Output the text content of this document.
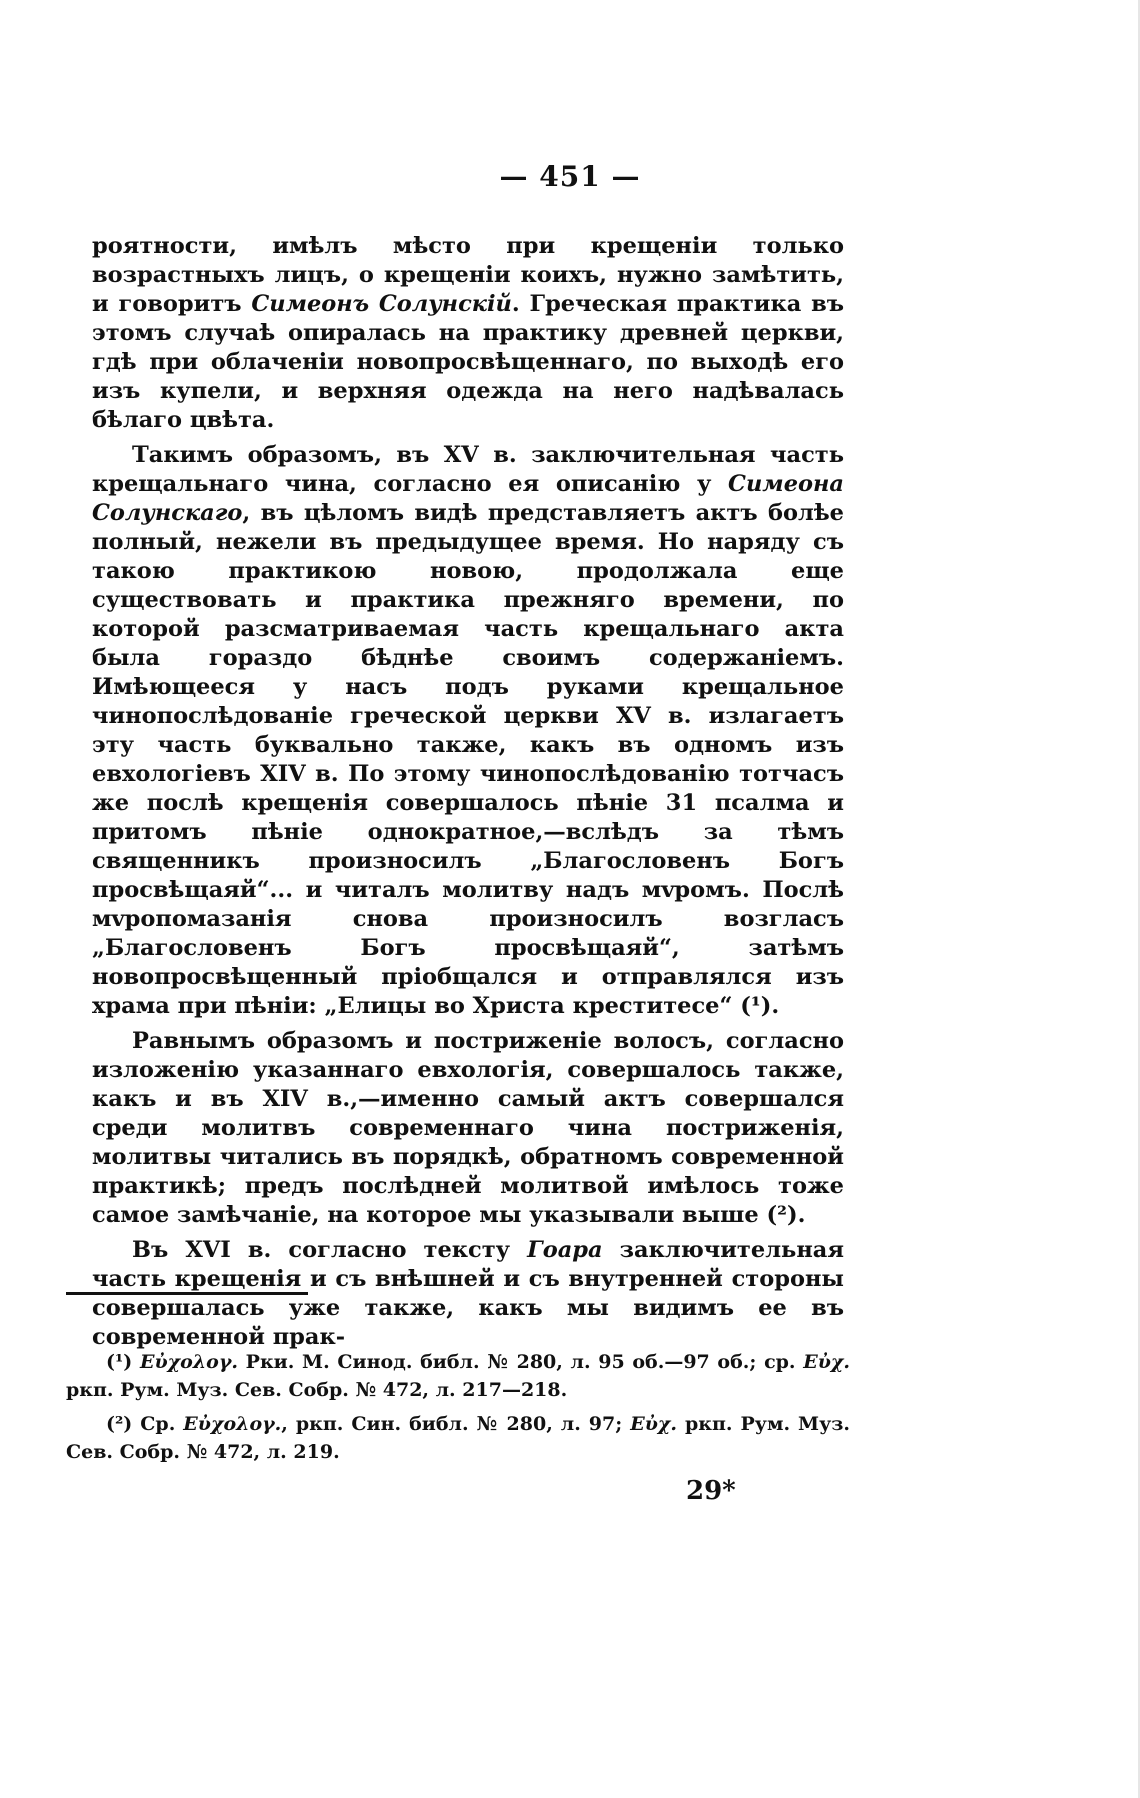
— 451 —

роятности, имѣлъ мѣсто при крещеніи только возрастныхъ лицъ, о крещеніи коихъ, нужно замѣтить, и говоритъ Симеонъ Солунскій. Греческая практика въ этомъ случаѣ опиралась на практику древней церкви, гдѣ при облаченіи новопросвѣщеннаго, по выходѣ его изъ купели, и верхняя одежда на него надѣвалась бѣлаго цвѣта.

Такимъ образомъ, въ XV в. заключительная часть крещальнаго чина, согласно ея описанію у Симеона Солунскаго, въ цѣломъ видѣ представляетъ актъ болѣе полный, нежели въ предыдущее время. Но наряду съ такою практикою новою, продолжала еще существовать и практика прежняго времени, по которой разсматриваемая часть крещальнаго акта была гораздо бѣднѣе своимъ содержаніемъ. Имѣющееся у насъ подъ руками крещальное чинопослѣдованіе греческой церкви XV в. излагаетъ эту часть буквально также, какъ въ одномъ изъ евхологіевъ XIV в. По этому чинопослѣдованію тотчасъ же послѣ крещенія совершалось пѣніе 31 псалма и притомъ пѣніе однократное,—вслѣдъ за тѣмъ священникъ произносилъ „Благословенъ Богъ просвѣщаяй“... и читалъ молитву надъ мvромъ. Послѣ мvропомазанія снова произносилъ возгласъ „Благословенъ Богъ просвѣщаяй“, затѣмъ новопросвѣщенный пріобщался и отправлялся изъ храма при пѣніи: „Елицы во Христа креститесе“ (¹).

Равнымъ образомъ и постриженіе волосъ, согласно изложенію указаннаго евхологія, совершалось также, какъ и въ XIV в.,—именно самый актъ совершался среди молитвъ современнаго чина постриженія, молитвы читались въ порядкѣ, обратномъ современной практикѣ; предъ послѣдней молитвой имѣлось тоже самое замѣчаніе, на которое мы указывали выше (²).

Въ XVI в. согласно тексту Гоара заключительная часть крещенія и съ внѣшней и съ внутренней стороны совершалась уже также, какъ мы видимъ ее въ современной прак-

(¹) Εὐχολογ. Рки. М. Синод. библ. № 280, л. 95 об.—97 об.; ср. Εὐχ. ркп. Рум. Муз. Сев. Собр. № 472, л. 217—218.

(²) Ср. Εὐχολογ., ркп. Син. библ. № 280, л. 97; Εὐχ. ркп. Рум. Муз. Сев. Собр. № 472, л. 219.

29*
